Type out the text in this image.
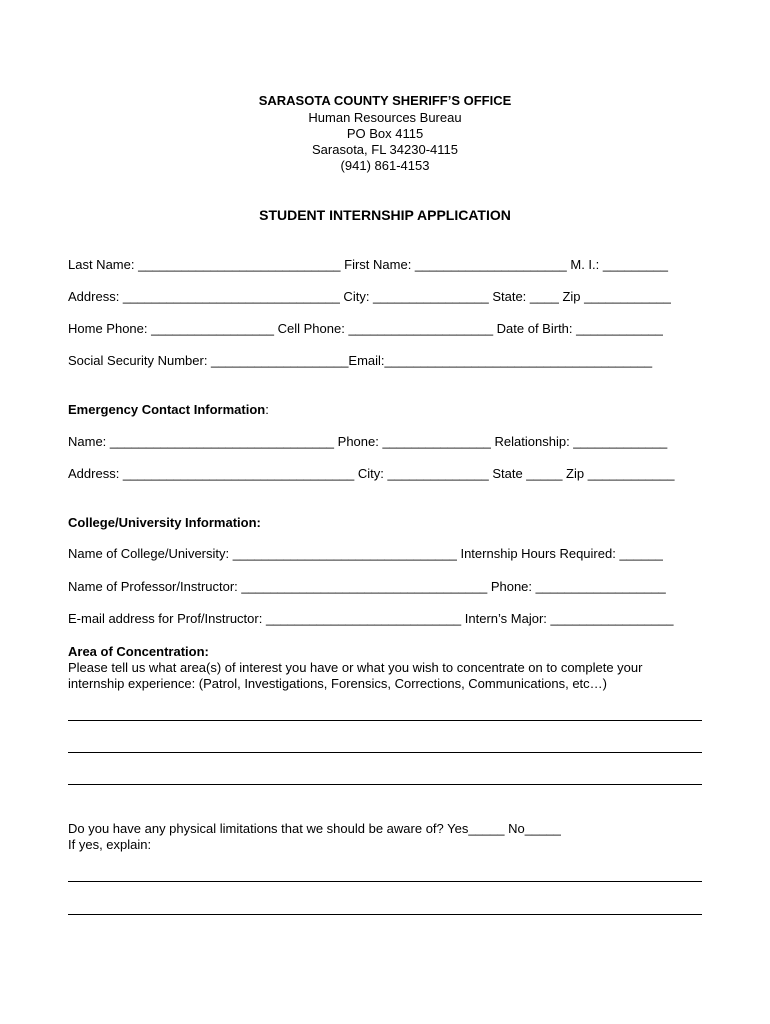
SARASOTA COUNTY SHERIFF’S OFFICE
Human Resources Bureau
PO Box 4115
Sarasota, FL 34230-4115
(941) 861-4153
STUDENT INTERNSHIP APPLICATION
Last Name: ____________________________ First Name: _____________________ M. I.: _________
Address: ______________________________ City: ________________ State: ____ Zip ____________
Home Phone: _________________ Cell Phone: ____________________ Date of Birth: ____________
Social Security Number: ___________________Email:_____________________________________
Emergency Contact Information:
Name: _______________________________ Phone: _______________ Relationship: _____________
Address: ________________________________ City: ______________ State _____ Zip ____________
College/University Information:
Name of College/University: _______________________________ Internship Hours Required: ______
Name of Professor/Instructor: __________________________________ Phone: __________________
E-mail address for Prof/Instructor: ___________________________ Intern’s Major: _________________
Area of Concentration:
Please tell us what area(s) of interest you have or what you wish to concentrate on to complete your
internship experience: (Patrol, Investigations, Forensics, Corrections, Communications, etc…)
Do you have any physical limitations that we should be aware of? Yes_____ No_____
If yes, explain:
